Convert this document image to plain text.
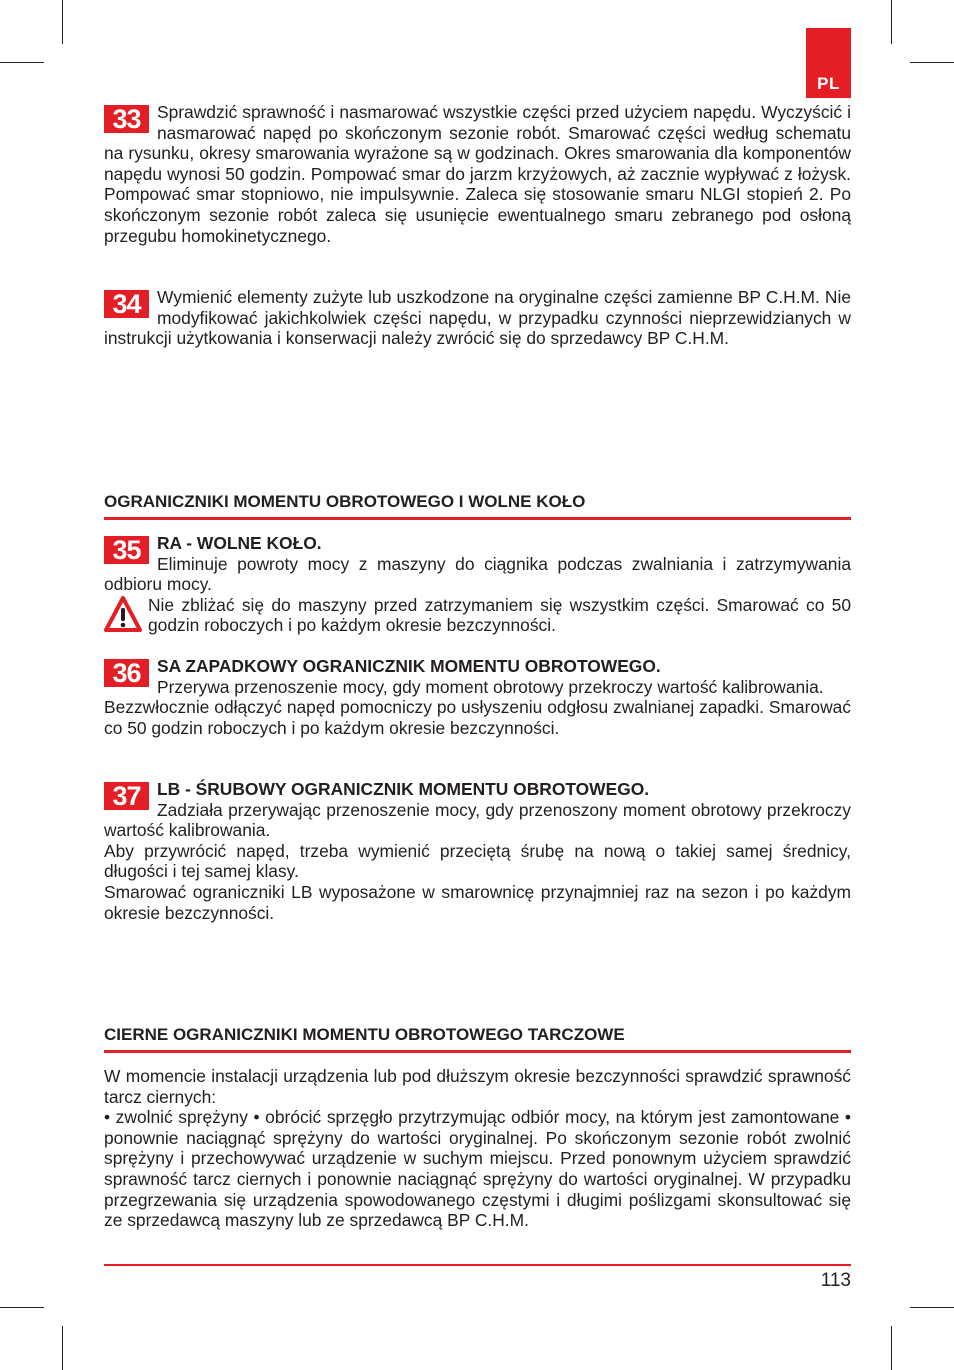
PL
33 Sprawdzić sprawność i nasmarować wszystkie części przed użyciem napędu. Wyczyścić i nasmarować napęd po skończonym sezonie robót. Smarować części według schematu na rysunku, okresy smarowania wyrażone są w godzinach. Okres smarowania dla komponentów napędu wynosi 50 godzin. Pompować smar do jarzm krzyżowych, aż zacznie wypływać z łożysk. Pompować smar stopniowo, nie impulsywnie. Zaleca się stosowanie smaru NLGI stopień 2. Po skończonym sezonie robót zaleca się usunięcie ewentualnego smaru zebranego pod osłoną przegubu homokinetycznego.

34 Wymienić elementy zużyte lub uszkodzone na oryginalne części zamienne BP C.H.M. Nie modyfikować jakichkolwiek części napędu, w przypadku czynności nieprzewidzianych w instrukcji użytkowania i konserwacji należy zwrócić się do sprzedawcy BP C.H.M.

OGRANICZNIKI MOMENTU OBROTOWEGO I WOLNE KOŁO

35 RA - WOLNE KOŁO.

Eliminuje powroty mocy z maszyny do ciągnika podczas zwalniania i zatrzymywania odbioru mocy.

Nie zbliżać się do maszyny przed zatrzymaniem się wszystkim części. Smarować co 50 godzin roboczych i po każdym okresie bezczynności.

36 SA ZAPADKOWY OGRANICZNIK MOMENTU OBROTOWEGO.

Przerywa przenoszenie mocy, gdy moment obrotowy przekroczy wartość kalibrowania.

Bezzwłocznie odłączyć napęd pomocniczy po usłyszeniu odgłosu zwalnianej zapadki. Smarować co 50 godzin roboczych i po każdym okresie bezczynności.

37 LB - ŚRUBOWY OGRANICZNIK MOMENTU OBROTOWEGO.

Zadziała przerywając przenoszenie mocy, gdy przenoszony moment obrotowy przekroczy wartość kalibrowania.

Aby przywrócić napęd, trzeba wymienić przeciętą śrubę na nową o takiej samej średnicy, długości i tej samej klasy.

Smarować ograniczniki LB wyposażone w smarownicę przynajmniej raz na sezon i po każdym okresie bezczynności.

CIERNE OGRANICZNIKI MOMENTU OBROTOWEGO TARCZOWE

W momencie instalacji urządzenia lub pod dłuższym okresie bezczynności sprawdzić sprawność tarcz ciernych:

• zwolnić sprężyny • obrócić sprzęgło przytrzymując odbiór mocy, na którym jest zamontowane • ponownie naciągnąć sprężyny do wartości oryginalnej. Po skończonym sezonie robót zwolnić sprężyny i przechowywać urządzenie w suchym miejscu. Przed ponownym użyciem sprawdzić sprawność tarcz ciernych i ponownie naciągnąć sprężyny do wartości oryginalnej. W przypadku przegrzewania się urządzenia spowodowanego częstymi i długimi poślizgami skonsultować się ze sprzedawcą maszyny lub ze sprzedawcą BP C.H.M.

113
